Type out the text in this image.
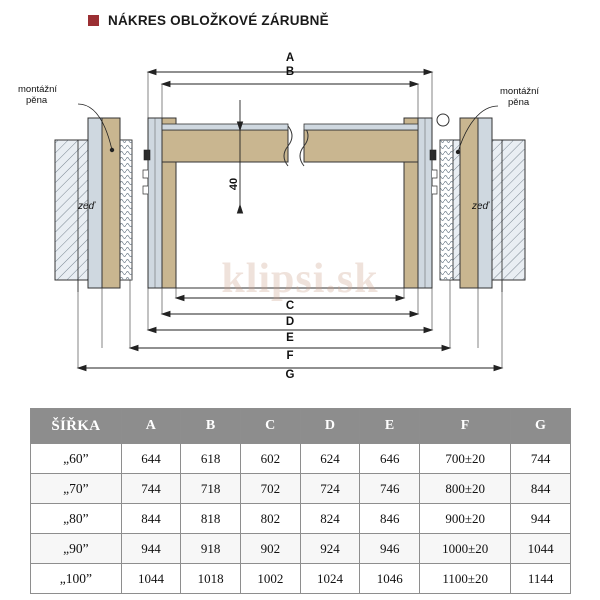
NÁKRES OBLOŽKOVÉ ZÁRUBNĚ
klipsi.sk
montážní
pěna
montážní
pěna
zeď	zeď
A
B
C
D
E
F
G
40
ŠÍŘKA	A	B	C	D	E	F	G
„60”	644	618	602	624	646	700±20	744
„70”	744	718	702	724	746	800±20	844
„80”	844	818	802	824	846	900±20	944
„90”	944	918	902	924	946	1000±20	1044
„100”	1044	1018	1002	1024	1046	1100±20	1144
